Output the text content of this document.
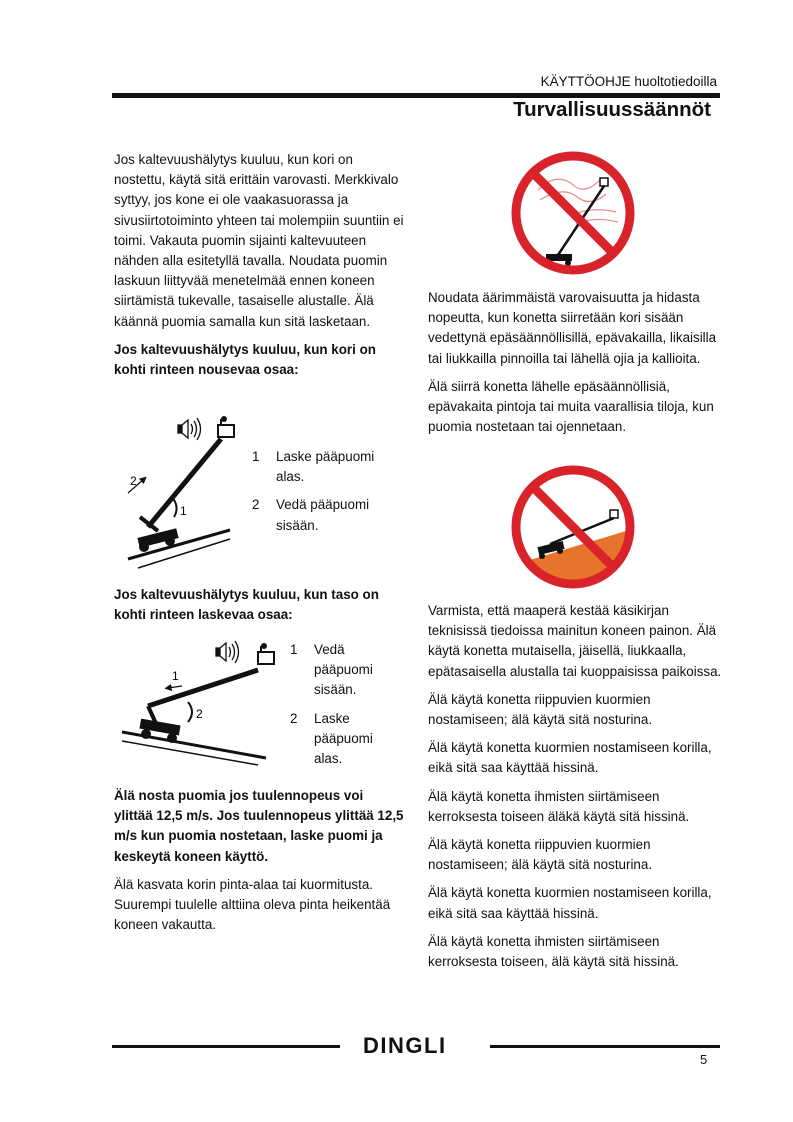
KÄYTTÖOHJE huoltotiedoilla
Turvallisuussäännöt

Jos kaltevuushälytys kuuluu, kun kori on nostettu, käytä sitä erittäin varovasti. Merkkivalo syttyy, jos kone ei ole vaakasuorassa ja sivusiirtotoiminto yhteen tai molempiin suuntiin ei toimi. Vakauta puomin sijainti kaltevuuteen nähden alla esitetyllä tavalla. Noudata puomin laskuun liittyvää menetelmää ennen koneen siirtämistä tukevalle, tasaiselle alustalle. Älä käännä puomia samalla kun sitä lasketaan.

Jos kaltevuushälytys kuuluu, kun kori on kohti rinteen nousevaa osaa:

2
1
1	Laske pääpuomi alas.
2	Vedä pääpuomi sisään.

Jos kaltevuushälytys kuuluu, kun taso on kohti rinteen laskevaa osaa:

1
2
1	Vedä pääpuomi sisään.
2	Laske pääpuomi alas.

Älä nosta puomia jos tuulennopeus voi ylittää 12,5 m/s. Jos tuulennopeus ylittää 12,5 m/s kun puomia nostetaan, laske puomi ja keskeytä koneen käyttö.

Älä kasvata korin pinta-alaa tai kuormitusta. Suurempi tuulelle alttiina oleva pinta heikentää koneen vakautta.

Noudata äärimmäistä varovaisuutta ja hidasta nopeutta, kun konetta siirretään kori sisään vedettynä epäsäännöllisillä, epävakailla, likaisilla tai liukkailla pinnoilla tai lähellä ojia ja kallioita.

Älä siirrä konetta lähelle epäsäännöllisiä, epävakaita pintoja tai muita vaarallisia tiloja, kun puomia nostetaan tai ojennetaan.

Varmista, että maaperä kestää käsikirjan teknisissä tiedoissa mainitun koneen painon. Älä käytä konetta mutaisella, jäisellä, liukkaalla, epätasaisella alustalla tai kuoppaisissa paikoissa.

Älä käytä konetta riippuvien kuormien nostamiseen; älä käytä sitä nosturina.

Älä käytä konetta kuormien nostamiseen korilla, eikä sitä saa käyttää hissinä.

Älä käytä konetta ihmisten siirtämiseen kerroksesta toiseen äläkä käytä sitä hissinä.

Älä käytä konetta riippuvien kuormien nostamiseen; älä käytä sitä nosturina.

Älä käytä konetta kuormien nostamiseen korilla, eikä sitä saa käyttää hissinä.

Älä käytä konetta ihmisten siirtämiseen kerroksesta toiseen, älä käytä sitä hissinä.

DINGLI
5
